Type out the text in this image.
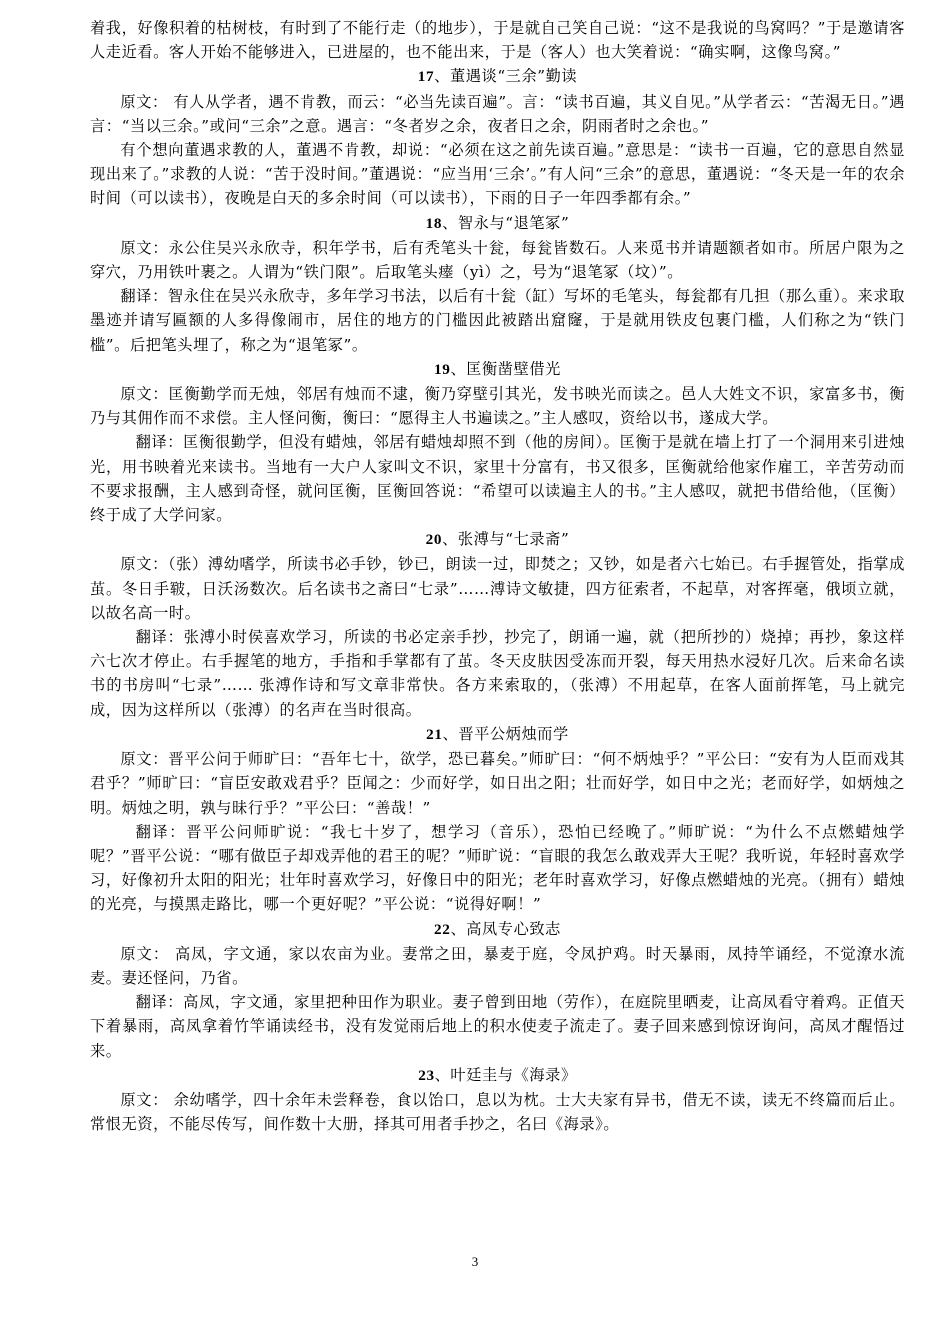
着我，好像积着的枯树枝，有时到了不能行走（的地步），于是就自己笑自己说：“这不是我说的鸟窝吗？”于是邀请客人走近看。客人开始不能够进入，已进屋的，也不能出来，于是（客人）也大笑着说：“确实啊，这像鸟窝。”

17、董遇谈“三余”勤读

原文： 有人从学者，遇不肯教，而云：“必当先读百遍”。言：“读书百遍，其义自见。”从学者云：“苦渴无日。”遇言：“当以三余。”或问“三余”之意。遇言：“冬者岁之余，夜者日之余，阴雨者时之余也。”

有个想向董遇求教的人，董遇不肯教，却说：“必须在这之前先读百遍。”意思是：“读书一百遍，它的意思自然显现出来了。”求教的人说：“苦于没时间。”董遇说：“应当用‘三余’。”有人问“三余”的意思，董遇说：“冬天是一年的农余时间（可以读书），夜晚是白天的多余时间（可以读书），下雨的日子一年四季都有余。”

18、智永与“退笔冢”

原文：永公住吴兴永欣寺，积年学书，后有秃笔头十瓮，每瓮皆数石。人来觅书并请题额者如市。所居户限为之穿穴，乃用铁叶裹之。人谓为“铁门限”。后取笔头瘗（yì）之，号为“退笔冢（坟）”。

翻译：智永住在吴兴永欣寺，多年学习书法，以后有十瓮（缸）写坏的毛笔头，每瓮都有几担（那么重）。来求取墨迹并请写匾额的人多得像闹市，居住的地方的门槛因此被踏出窟窿，于是就用铁皮包裹门槛，人们称之为“铁门槛”。后把笔头埋了，称之为“退笔冢”。

19、匡衡凿壁借光

原文：匡衡勤学而无烛，邻居有烛而不逮，衡乃穿壁引其光，发书映光而读之。邑人大姓文不识，家富多书，衡乃与其佣作而不求偿。主人怪问衡，衡曰：“愿得主人书遍读之。”主人感叹，资给以书，遂成大学。

翻译：匡衡很勤学，但没有蜡烛，邻居有蜡烛却照不到（他的房间）。匡衡于是就在墙上打了一个洞用来引进烛光，用书映着光来读书。当地有一大户人家叫文不识，家里十分富有，书又很多，匡衡就给他家作雇工，辛苦劳动而不要求报酬，主人感到奇怪，就问匡衡，匡衡回答说：“希望可以读遍主人的书。”主人感叹，就把书借给他，（匡衡）终于成了大学问家。

20、张溥与“七录斋”

原文：（张）溥幼嗜学，所读书必手钞，钞已，朗读一过，即焚之；又钞，如是者六七始已。右手握管处，指掌成茧。冬日手皲，日沃汤数次。后名读书之斋曰“七录”……溥诗文敏捷，四方征索者，不起草，对客挥毫，俄顷立就，以故名高一时。

翻译：张溥小时侯喜欢学习，所读的书必定亲手抄，抄完了，朗诵一遍，就（把所抄的）烧掉；再抄，象这样六七次才停止。右手握笔的地方，手指和手掌都有了茧。冬天皮肤因受冻而开裂，每天用热水浸好几次。后来命名读书的书房叫“七录”…… 张溥作诗和写文章非常快。各方来索取的，（张溥）不用起草，在客人面前挥笔，马上就完成，因为这样所以（张溥）的名声在当时很高。

21、晋平公炳烛而学

原文：晋平公问于师旷曰：“吾年七十，欲学，恐已暮矣。”师旷曰：“何不炳烛乎？”平公曰：“安有为人臣而戏其君乎？”师旷曰：“盲臣安敢戏君乎？臣闻之：少而好学，如日出之阳；壮而好学，如日中之光；老而好学，如炳烛之明。炳烛之明，孰与昧行乎？”平公曰：“善哉！”

翻译：晋平公问师旷说：“我七十岁了，想学习（音乐），恐怕已经晚了。”师旷说：“为什么不点燃蜡烛学呢？”晋平公说：“哪有做臣子却戏弄他的君王的呢？”师旷说：“盲眼的我怎么敢戏弄大王呢？我听说，年轻时喜欢学习，好像初升太阳的阳光；壮年时喜欢学习，好像日中的阳光；老年时喜欢学习，好像点燃蜡烛的光亮。（拥有）蜡烛的光亮，与摸黑走路比，哪一个更好呢？”平公说：“说得好啊！”

22、高凤专心致志

原文： 高凤，字文通，家以农亩为业。妻常之田，暴麦于庭，令凤护鸡。时天暴雨，凤持竿诵经，不觉潦水流麦。妻还怪问，乃省。

翻译：高凤，字文通，家里把种田作为职业。妻子曾到田地（劳作），在庭院里晒麦，让高凤看守着鸡。正值天下着暴雨，高凤拿着竹竿诵读经书，没有发觉雨后地上的积水使麦子流走了。妻子回来感到惊讶询问，高凤才醒悟过来。

23、叶廷圭与《海录》

原文： 余幼嗜学，四十余年未尝释卷，食以饴口，息以为枕。士大夫家有异书，借无不读，读无不终篇而后止。常恨无资，不能尽传写，间作数十大册，择其可用者手抄之，名曰《海录》。

3
